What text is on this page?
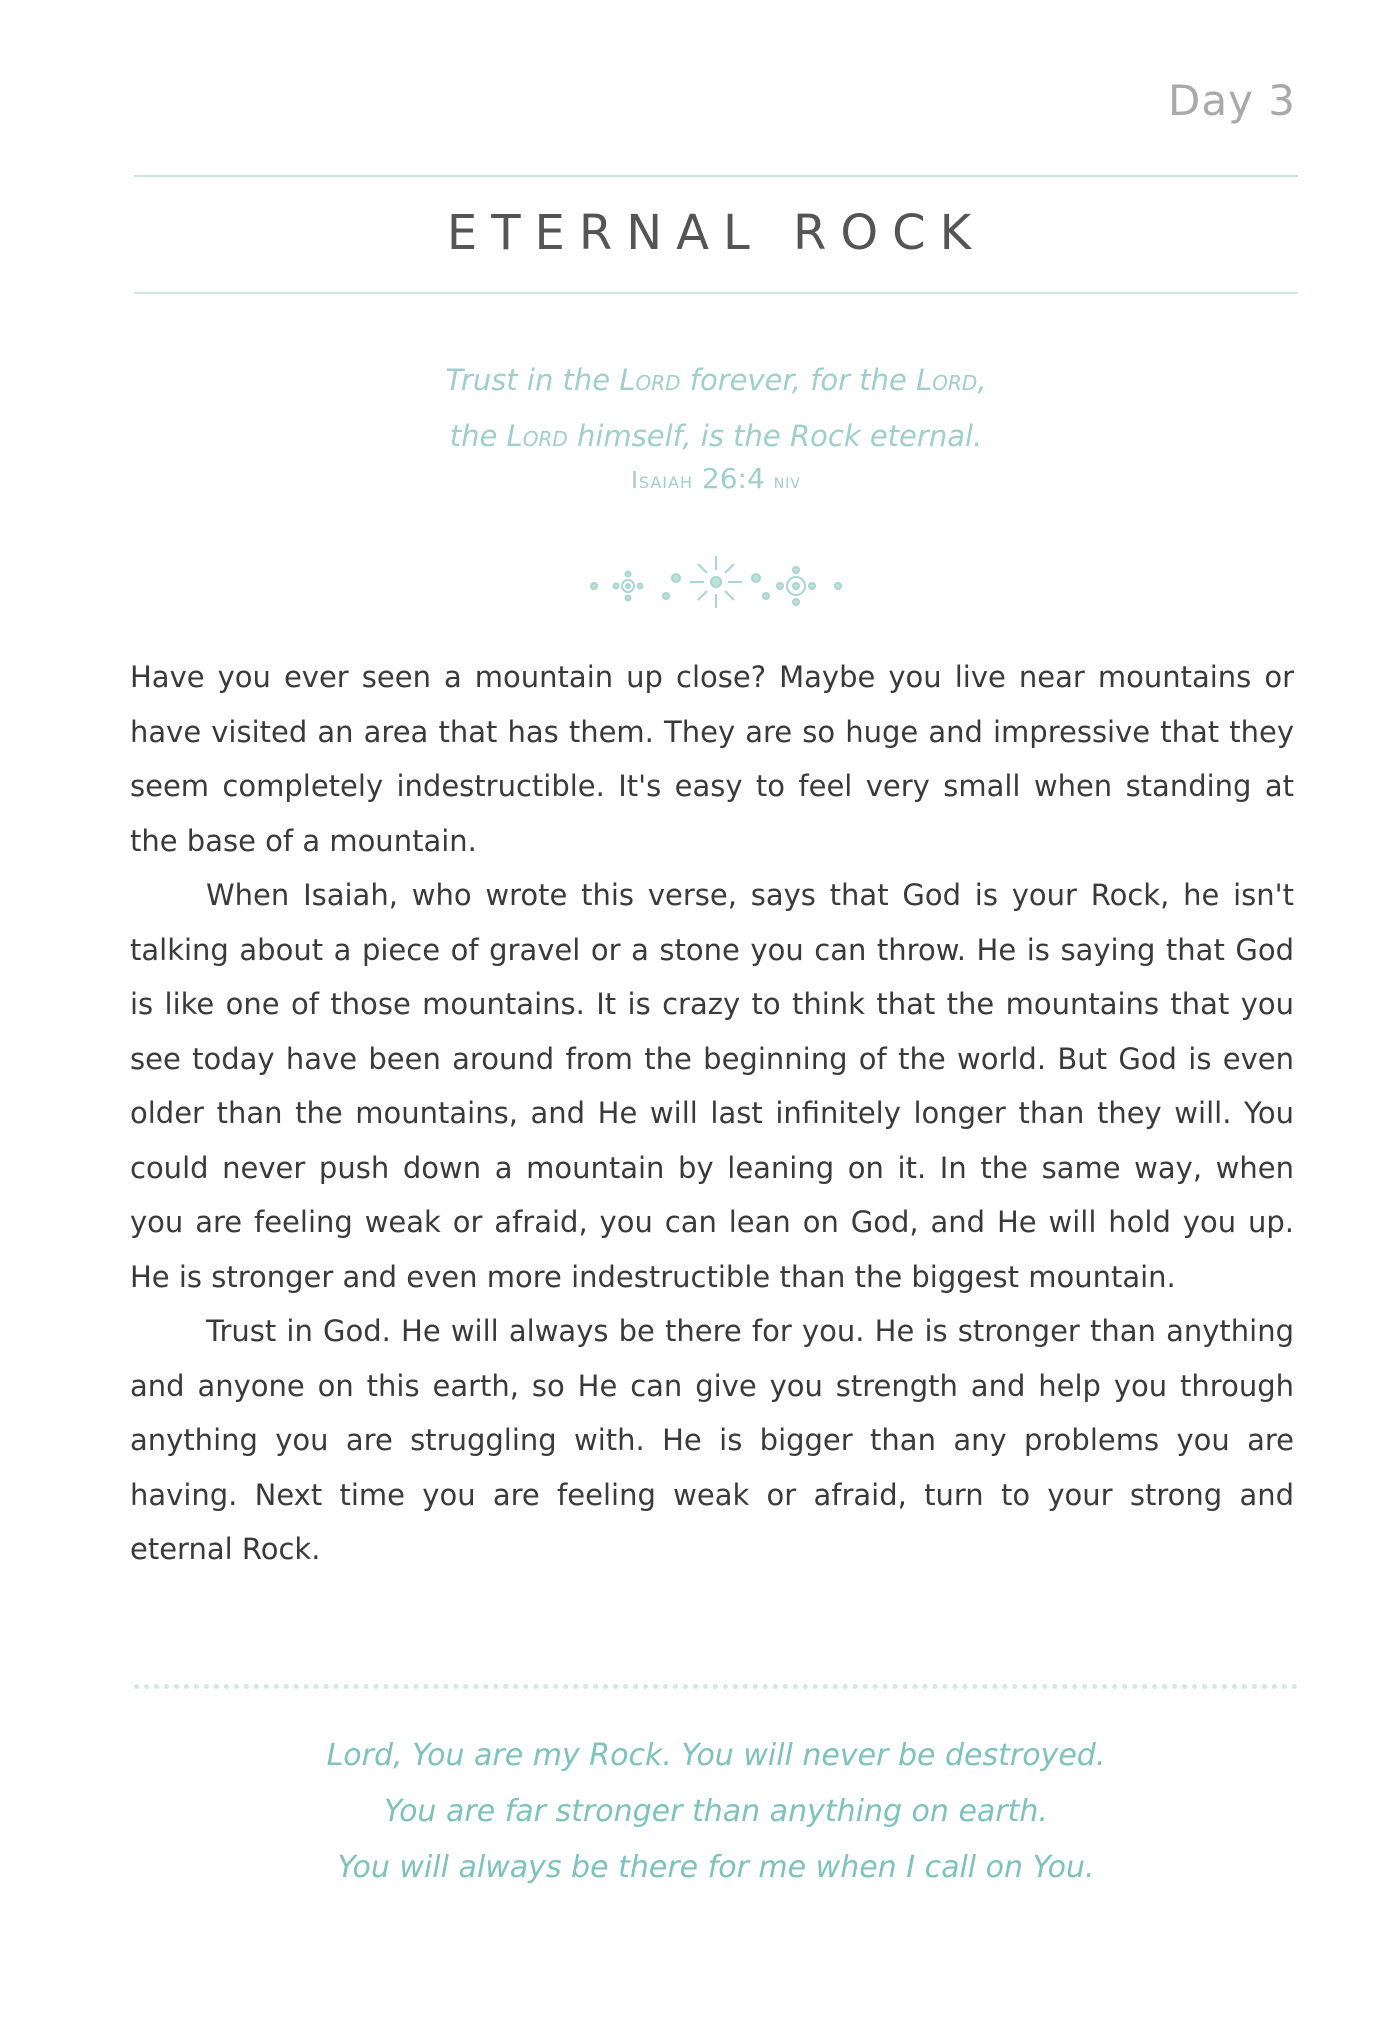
Day 3
ETERNAL ROCK

Trust in the Lord forever, for the Lord,

the Lord himself, is the Rock eternal.

Isaiah 26:4 niv

Have you ever seen a mountain up close? Maybe you live near mountains or have visited an area that has them. They are so huge and impressive that they seem completely indestructible. It's easy to feel very small when standing at the base of a mountain.

When Isaiah, who wrote this verse, says that God is your Rock, he isn't talking about a piece of gravel or a stone you can throw. He is saying that God is like one of those mountains. It is crazy to think that the mountains that you see today have been around from the beginning of the world. But God is even older than the mountains, and He will last infinitely longer than they will. You could never push down a mountain by leaning on it. In the same way, when you are feeling weak or afraid, you can lean on God, and He will hold you up. He is stronger and even more indestructible than the biggest mountain.

Trust in God. He will always be there for you. He is stronger than anything and anyone on this earth, so He can give you strength and help you through anything you are struggling with. He is bigger than any problems you are having. Next time you are feeling weak or afraid, turn to your strong and eternal Rock.

Lord, You are my Rock. You will never be destroyed.

You are far stronger than anything on earth.

You will always be there for me when I call on You.
